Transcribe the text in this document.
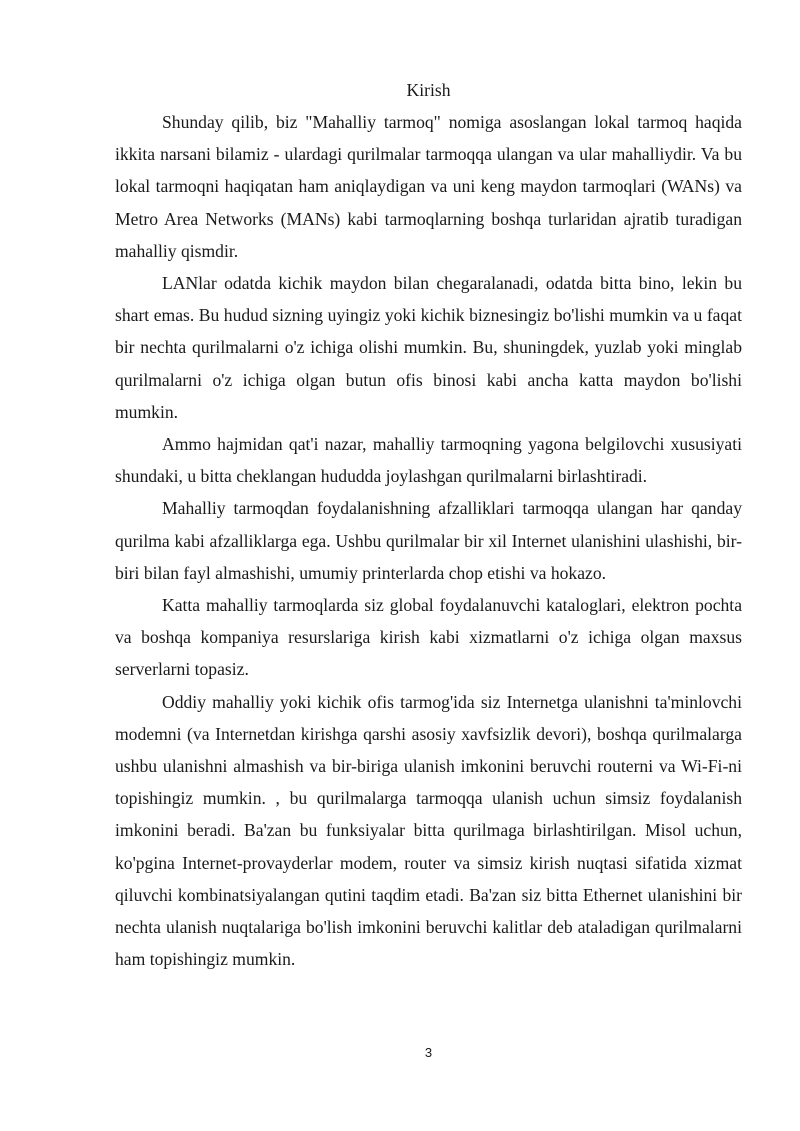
Kirish

Shunday qilib, biz "Mahalliy tarmoq" nomiga asoslangan lokal tarmoq haqida ikkita narsani bilamiz - ulardagi qurilmalar tarmoqqa ulangan va ular mahalliydir. Va bu lokal tarmoqni haqiqatan ham aniqlaydigan va uni keng maydon tarmoqlari (WANs) va Metro Area Networks (MANs) kabi tarmoqlarning boshqa turlaridan ajratib turadigan mahalliy qismdir.

LANlar odatda kichik maydon bilan chegaralanadi, odatda bitta bino, lekin bu shart emas. Bu hudud sizning uyingiz yoki kichik biznesingiz bo'lishi mumkin va u faqat bir nechta qurilmalarni o'z ichiga olishi mumkin. Bu, shuningdek, yuzlab yoki minglab qurilmalarni o'z ichiga olgan butun ofis binosi kabi ancha katta maydon bo'lishi mumkin.

Ammo hajmidan qat'i nazar, mahalliy tarmoqning yagona belgilovchi xususiyati shundaki, u bitta cheklangan hududda joylashgan qurilmalarni birlashtiradi.

Mahalliy tarmoqdan foydalanishning afzalliklari tarmoqqa ulangan har qanday qurilma kabi afzalliklarga ega. Ushbu qurilmalar bir xil Internet ulanishini ulashishi, bir-biri bilan fayl almashishi, umumiy printerlarda chop etishi va hokazo.

Katta mahalliy tarmoqlarda siz global foydalanuvchi kataloglari, elektron pochta va boshqa kompaniya resurslariga kirish kabi xizmatlarni o'z ichiga olgan maxsus serverlarni topasiz.

Oddiy mahalliy yoki kichik ofis tarmog'ida siz Internetga ulanishni ta'minlovchi modemni (va Internetdan kirishga qarshi asosiy xavfsizlik devori), boshqa qurilmalarga ushbu ulanishni almashish va bir-biriga ulanish imkonini beruvchi routerni va Wi-Fi-ni topishingiz mumkin. , bu qurilmalarga tarmoqqa ulanish uchun simsiz foydalanish imkonini beradi. Ba'zan bu funksiyalar bitta qurilmaga birlashtirilgan. Misol uchun, ko'pgina Internet-provayderlar modem, router va simsiz kirish nuqtasi sifatida xizmat qiluvchi kombinatsiyalangan qutini taqdim etadi. Ba'zan siz bitta Ethernet ulanishini bir nechta ulanish nuqtalariga bo'lish imkonini beruvchi kalitlar deb ataladigan qurilmalarni ham topishingiz mumkin.

3
